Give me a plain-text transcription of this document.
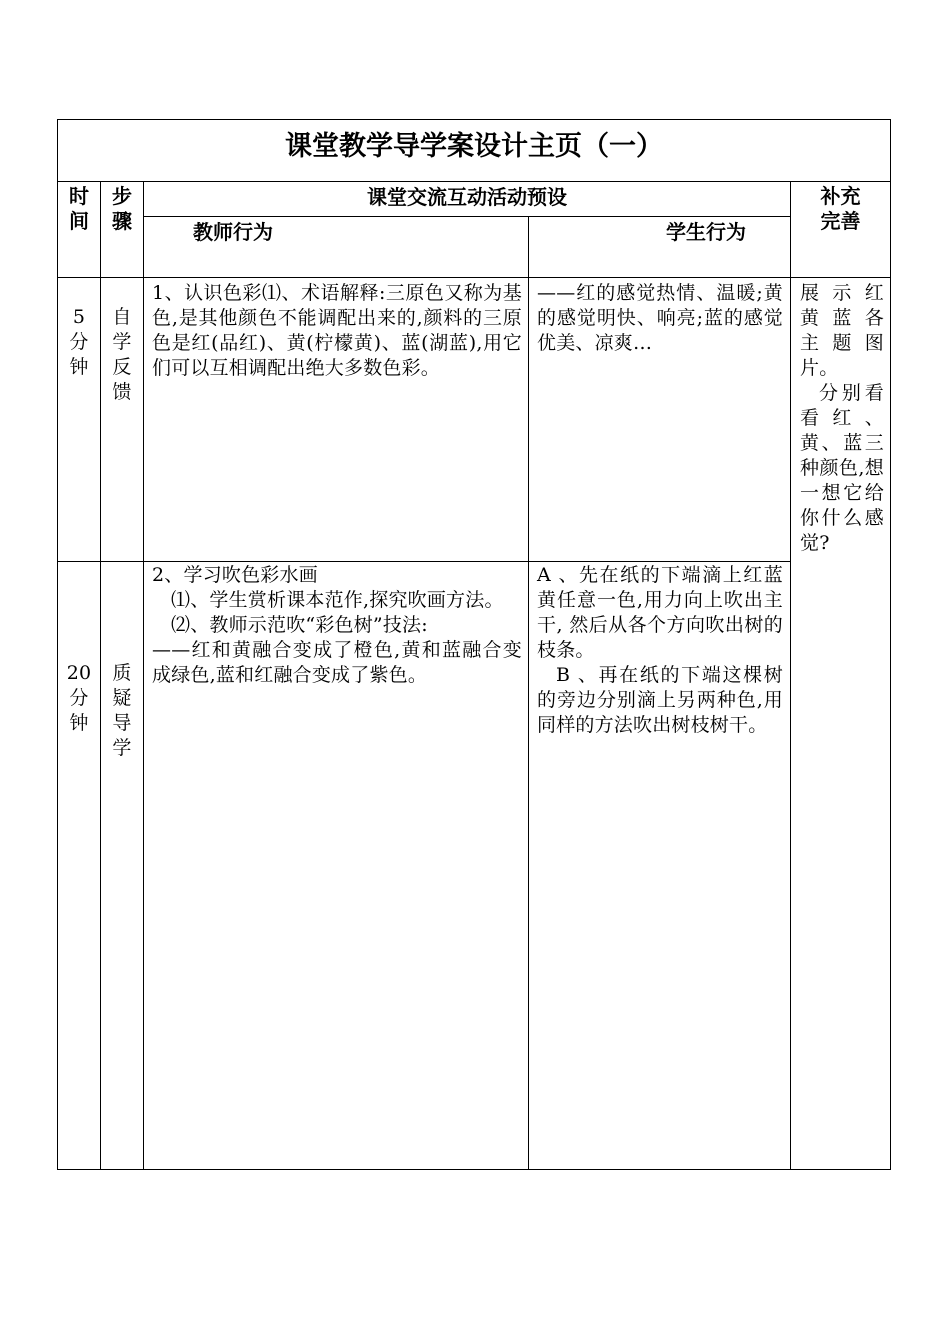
课堂教学导学案设计主页（一）
时
间
步
骤
课堂交流互动活动预设
教师行为	学生行为
补充
完善
5
分
钟
自
学
反
馈

1、认识色彩⑴、术语解释:三原色又称为基色,是其他颜色不能调配出来的,颜料的三原色是红(品红)、黄(柠檬黄)、蓝(湖蓝),用它们可以互相调配出绝大多数色彩。

——红的感觉热情、温暖;黄的感觉明快、响亮;蓝的感觉优美、凉爽…

展 示 红黄 蓝 各主 题 图片。

分别看看红、黄、蓝三种颜色,想一想它给你什么感觉?

20
分
钟
质
疑
导
学

2、学习吹色彩水画

⑴、学生赏析课本范作,探究吹画方法。

⑵、教师示范吹“彩色树”技法:

——红和黄融合变成了橙色,黄和蓝融合变成绿色,蓝和红融合变成了紫色。

A 、先在纸的下端滴上红蓝黄任意一色,用力向上吹出主干, 然后从各个方向吹出树的枝条。

B 、再在纸的下端这棵树的旁边分别滴上另两种色,用同样的方法吹出树枝树干。
